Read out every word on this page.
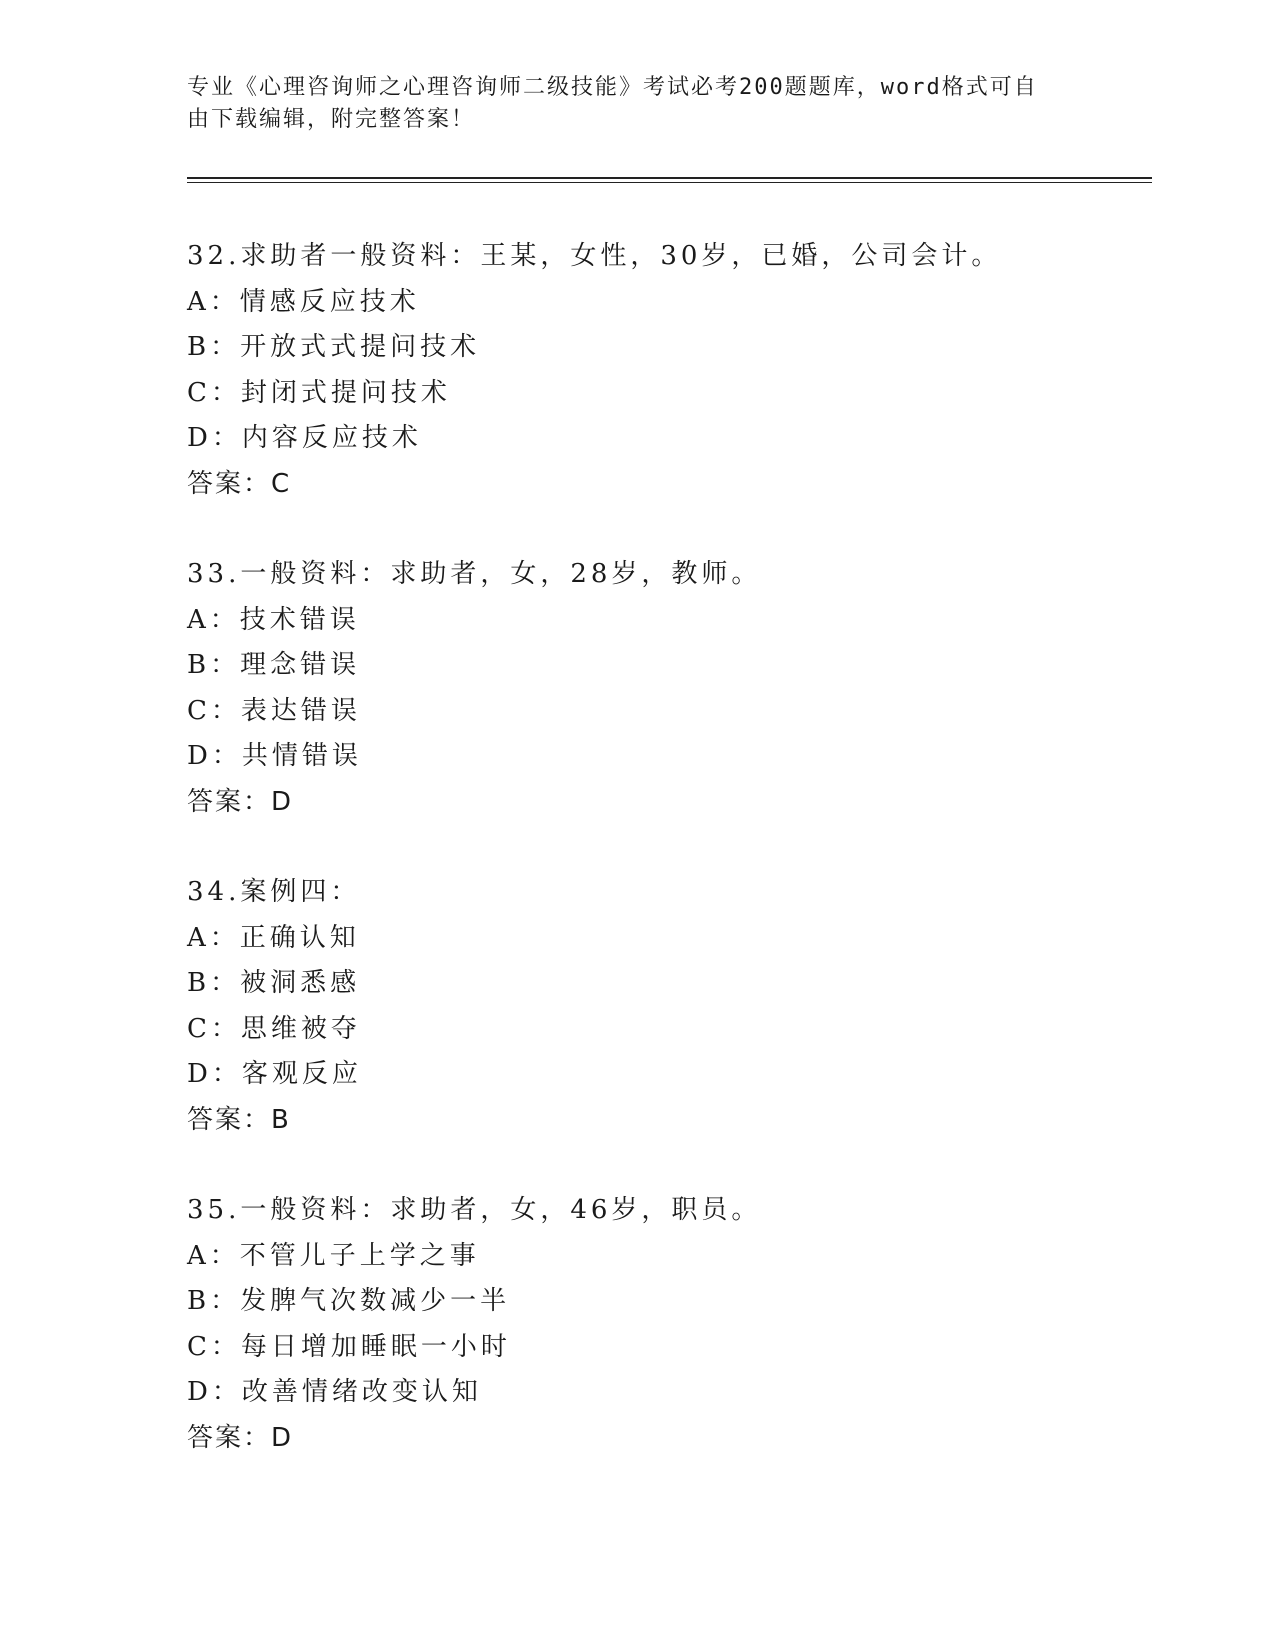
专业《心理咨询师之心理咨询师二级技能》考试必考200题题库，word格式可自
由下载编辑，附完整答案！
32.求助者一般资料：王某，女性，30岁，已婚，公司会计。
A：情感反应技术
B：开放式式提问技术
C：封闭式提问技术
D：内容反应技术
答案：C
33.一般资料：求助者，女，28岁，教师。
A：技术错误
B：理念错误
C：表达错误
D：共情错误
答案：D
34.案例四：
A：正确认知
B：被洞悉感
C：思维被夺
D：客观反应
答案：B
35.一般资料：求助者，女，46岁，职员。
A：不管儿子上学之事
B：发脾气次数减少一半
C：每日增加睡眠一小时
D：改善情绪改变认知
答案：D
